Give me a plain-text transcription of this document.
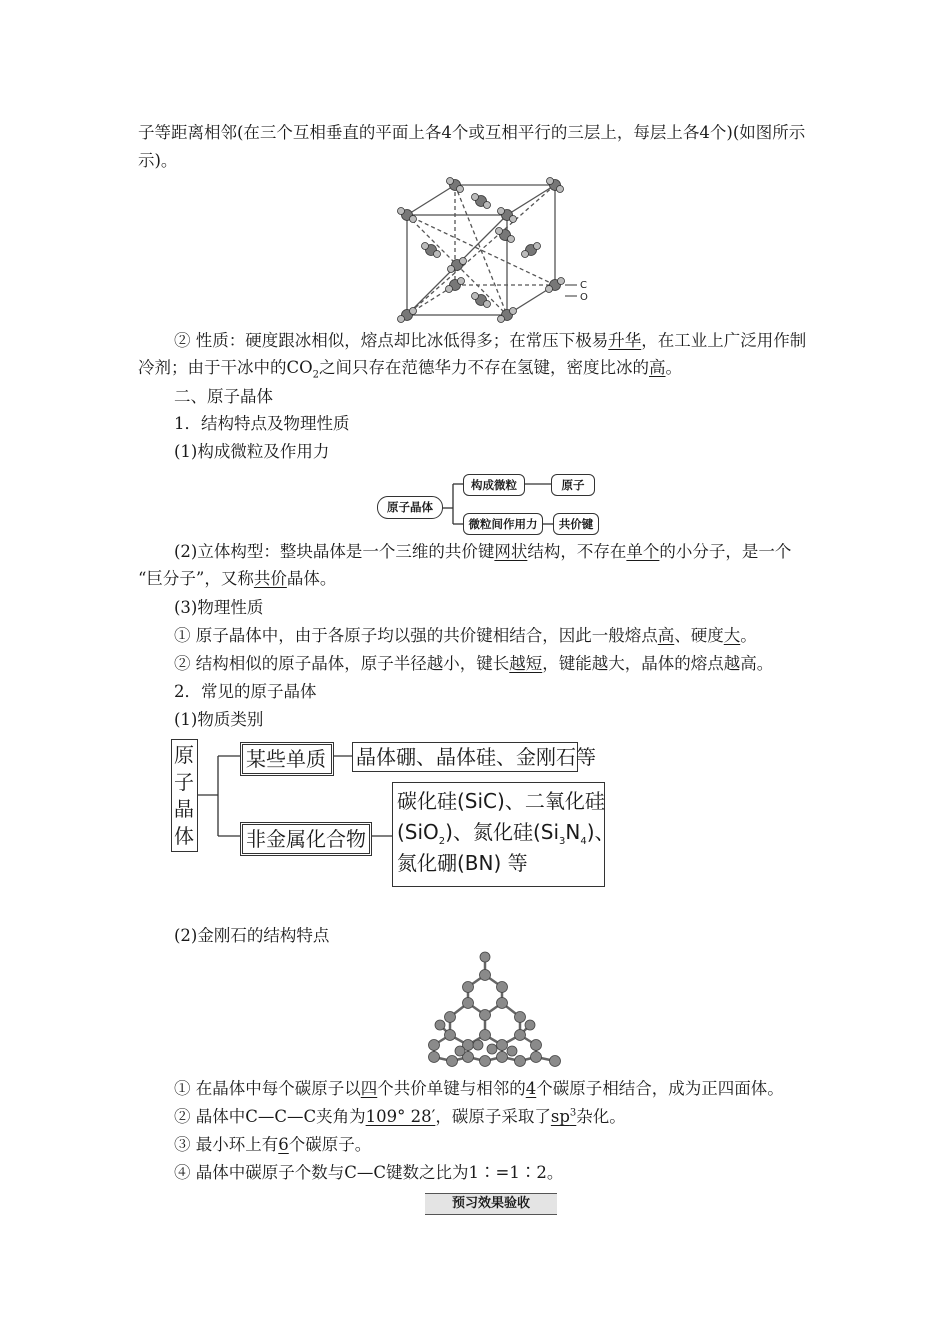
子等距离相邻(在三个互相垂直的平面上各4个或互相平行的三层上，每层上各4个)(如图所示
示)。
C
O
② 性质：硬度跟冰相似，熔点却比冰低得多；在常压下极易升华，在工业上广泛用作制
冷剂；由于干冰中的$CO_2$之间只存在范德华力不存在氢键，密度比冰的高。
二、原子晶体
1．结构特点及物理性质
(1)构成微粒及作用力
原子晶体
构成微粒	原子
微粒间作用力	共价键
(2)立体构型：整块晶体是一个三维的共价键网状结构，不存在单个的小分子，是一个
“巨分子”，又称共价晶体。
(3)物理性质
① 原子晶体中，由于各原子均以强的共价键相结合，因此一般熔点高、硬度大。
② 结构相似的原子晶体，原子半径越小，键长越短，键能越大，晶体的熔点越高。
2．常见的原子晶体
(1)物质类别
原
子
晶
体
某些单质 晶体硼、晶体硅、金刚石等
非金属化合物
碳化硅(SiC)、二氧化硅
(SiO$_2$)、氮化硅$(Si_3N_4)$、
氮化硼(BN) 等
(2)金刚石的结构特点
① 在晶体中每个碳原子以四个共价单键与相邻的4个碳原子相结合，成为正四面体。
② 晶体中C—C—C夹角为109° 28′，碳原子采取了$sp^3$杂化。
③ 最小环上有6个碳原子。
④ 晶体中碳原子个数与C—C键数之比为1∶=1∶2。
预习效果验收
